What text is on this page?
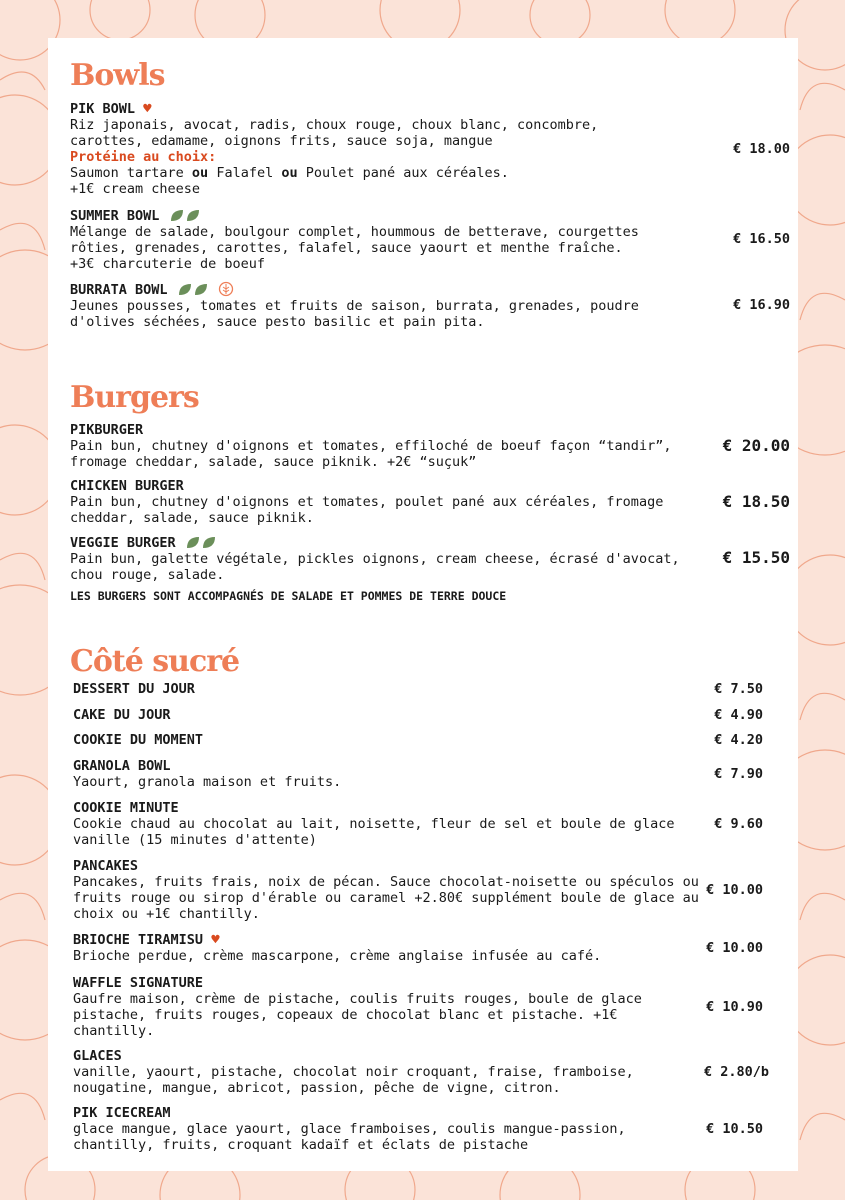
Bowls
PIK BOWL ♥
Riz japonais, avocat, radis, choux rouge, choux blanc, concombre,
carottes, edamame, oignons frits, sauce soja, mangue
Protéine au choix:
Saumon tartare ou Falafel ou Poulet pané aux céréales.
+1€ cream cheese
€ 18.00
SUMMER BOWL
Mélange de salade, boulgour complet, hoummous de betterave, courgettes rôties, grenades, carottes, falafel, sauce yaourt et menthe fraîche.
+3€ charcuterie de boeuf
€ 16.50
BURRATA BOWL
Jeunes pousses, tomates et fruits de saison, burrata, grenades, poudre d'olives séchées, sauce pesto basilic et pain pita.
€ 16.90
Burgers
PIKBURGER
Pain bun, chutney d'oignons et tomates, effiloché de boeuf façon “tandir”, fromage cheddar, salade, sauce piknik. +2€ “suçuk”
€ 20.00
CHICKEN BURGER
Pain bun, chutney d'oignons et tomates, poulet pané aux céréales, fromage cheddar, salade, sauce piknik.
€ 18.50
VEGGIE BURGER
Pain bun, galette végétale, pickles oignons, cream cheese, écrasé d'avocat, chou rouge, salade.
€ 15.50
LES BURGERS SONT ACCOMPAGNÉS DE SALADE ET POMMES DE TERRE DOUCE
Côté sucré
DESSERT DU JOUR	€ 7.50
CAKE DU JOUR	€ 4.90
COOKIE DU MOMENT	€ 4.20
GRANOLA BOWL
Yaourt, granola maison et fruits.	€ 7.90
COOKIE MINUTE
Cookie chaud au chocolat au lait, noisette, fleur de sel et boule de glace vanille (15 minutes d'attente)
€ 9.60
PANCAKES
Pancakes, fruits frais, noix de pécan. Sauce chocolat-noisette ou spéculos ou fruits rouge ou sirop d'érable ou caramel +2.80€ supplément boule de glace au choix ou +1€ chantilly.
€ 10.00
BRIOCHE TIRAMISU ♥
Brioche perdue, crème mascarpone, crème anglaise infusée au café.	€ 10.00
WAFFLE SIGNATURE
Gaufre maison, crème de pistache, coulis fruits rouges, boule de glace pistache, fruits rouges, copeaux de chocolat blanc et pistache. +1€ chantilly.
€ 10.90
GLACES
vanille, yaourt, pistache, chocolat noir croquant, fraise, framboise, nougatine, mangue, abricot, passion, pêche de vigne, citron.
€ 2.80/b
PIK ICECREAM
glace mangue, glace yaourt, glace framboises, coulis mangue-passion, chantilly, fruits, croquant kadaïf et éclats de pistache
€ 10.50
